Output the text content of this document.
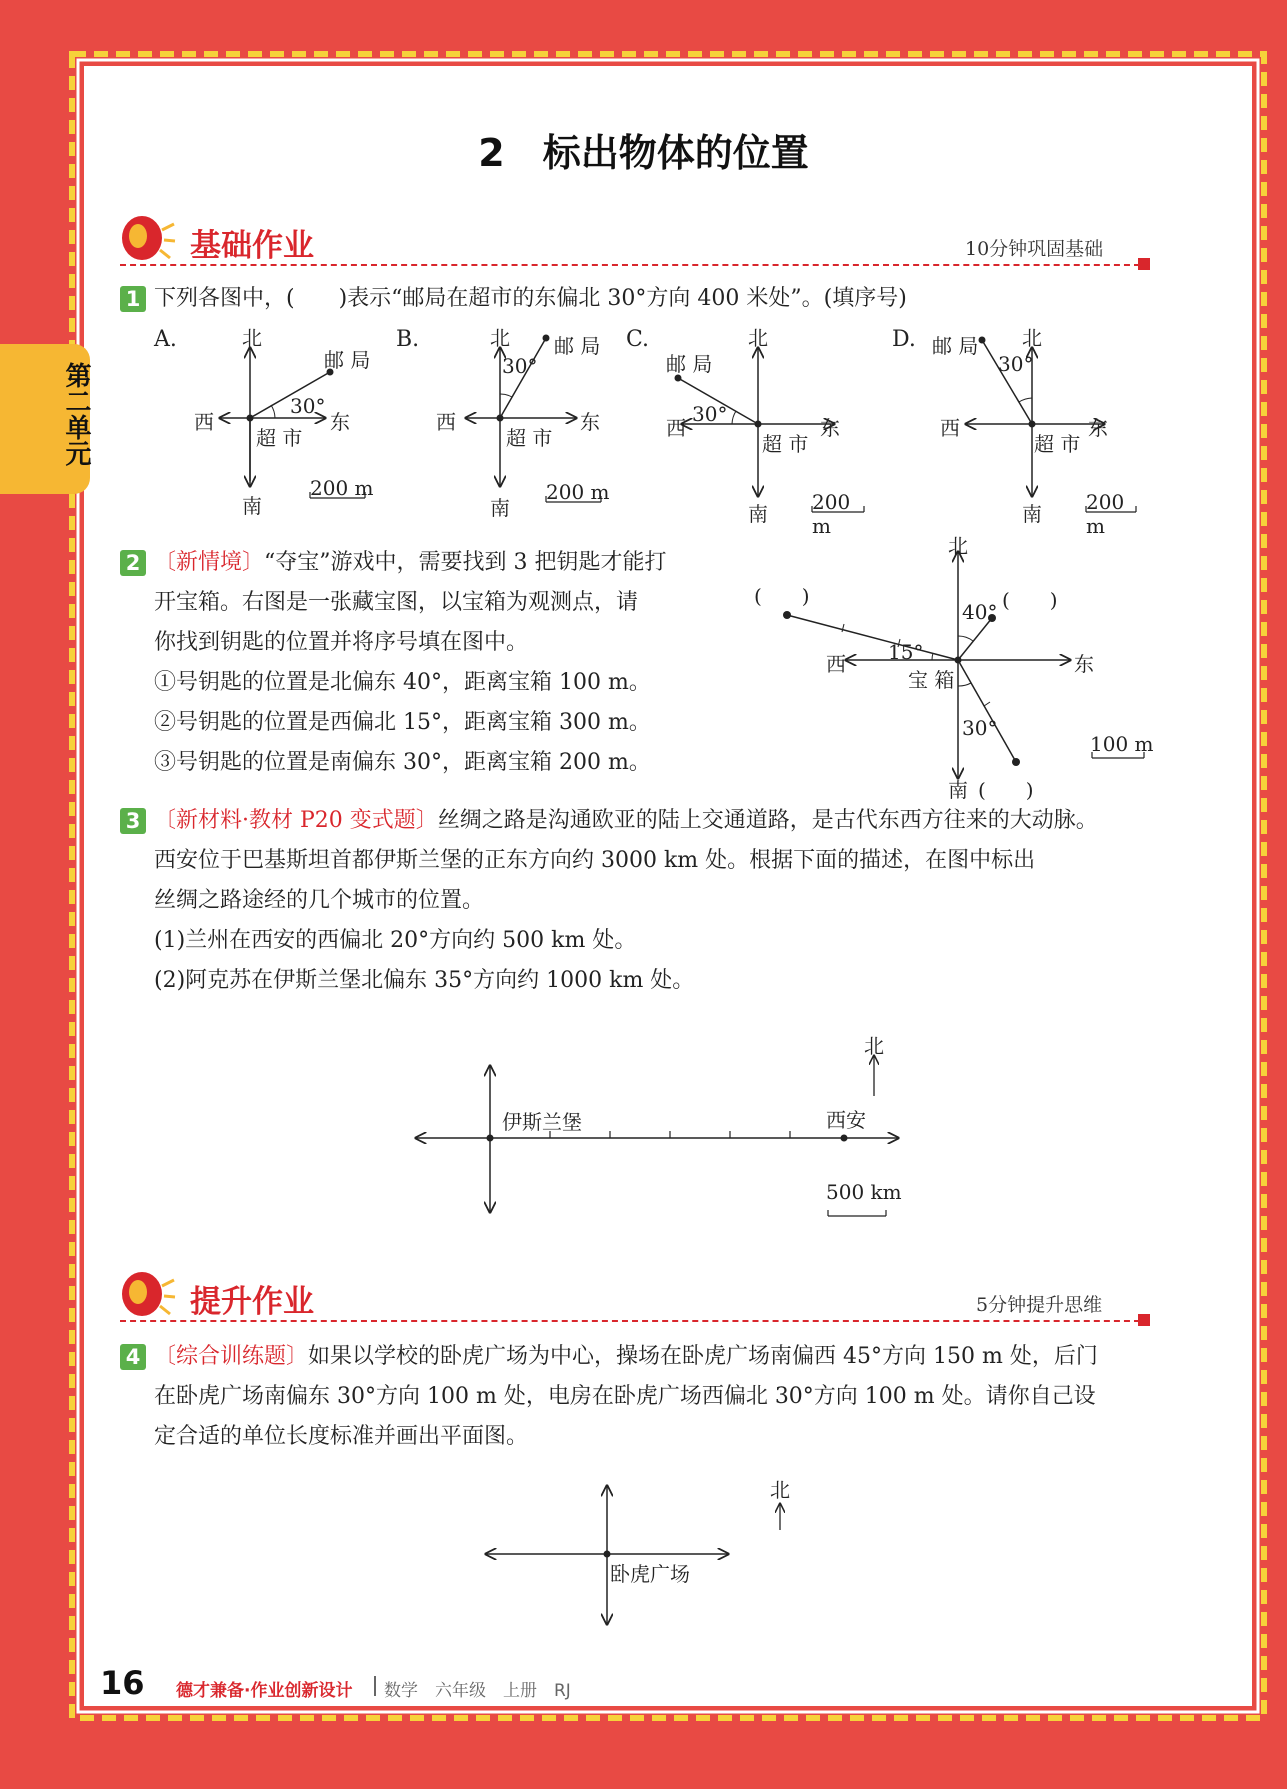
第二单元
2　标出物体的位置
基础作业	10分钟巩固基础
1 下列各图中，(　　)表示“邮局在超市的东偏北 30°方向 400 米处”。(填序号)
A.	北
南
西	东
超 市
邮 局
30°
200 m
B.	北
南
西	东
超 市
邮 局
30°
200 m
C.	北
南
西	东
超 市
邮 局
30°
200 m
D. 邮 局 北
南
西	东
超 市
30°
200 m
2 〔新情境〕“夺宝”游戏中，需要找到 3 把钥匙才能打
开宝箱。右图是一张藏宝图，以宝箱为观测点，请
你找到钥匙的位置并将序号填在图中。
①号钥匙的位置是北偏东 40°，距离宝箱 100 m。
②号钥匙的位置是西偏北 15°，距离宝箱 300 m。
③号钥匙的位置是南偏东 30°，距离宝箱 200 m。
北
南
西	东
宝 箱
40°
15°
30°
(　　)	(　　)
(　　)
100 m
3 〔新材料·教材 P20 变式题〕丝绸之路是沟通欧亚的陆上交通道路，是古代东西方往来的大动脉。
西安位于巴基斯坦首都伊斯兰堡的正东方向约 3000 km 处。根据下面的描述，在图中标出
丝绸之路途经的几个城市的位置。
(1)兰州在西安的西偏北 20°方向约 500 km 处。
(2)阿克苏在伊斯兰堡北偏东 35°方向约 1000 km 处。
伊斯兰堡	西安
北
500 km
提升作业	5分钟提升思维
4 〔综合训练题〕如果以学校的卧虎广场为中心，操场在卧虎广场南偏西 45°方向 150 m 处，后门
在卧虎广场南偏东 30°方向 100 m 处，电房在卧虎广场西偏北 30°方向 100 m 处。请你自己设
定合适的单位长度标准并画出平面图。
卧虎广场
北
16 德才兼备·作业创新设计 数学　六年级　上册　RJ
